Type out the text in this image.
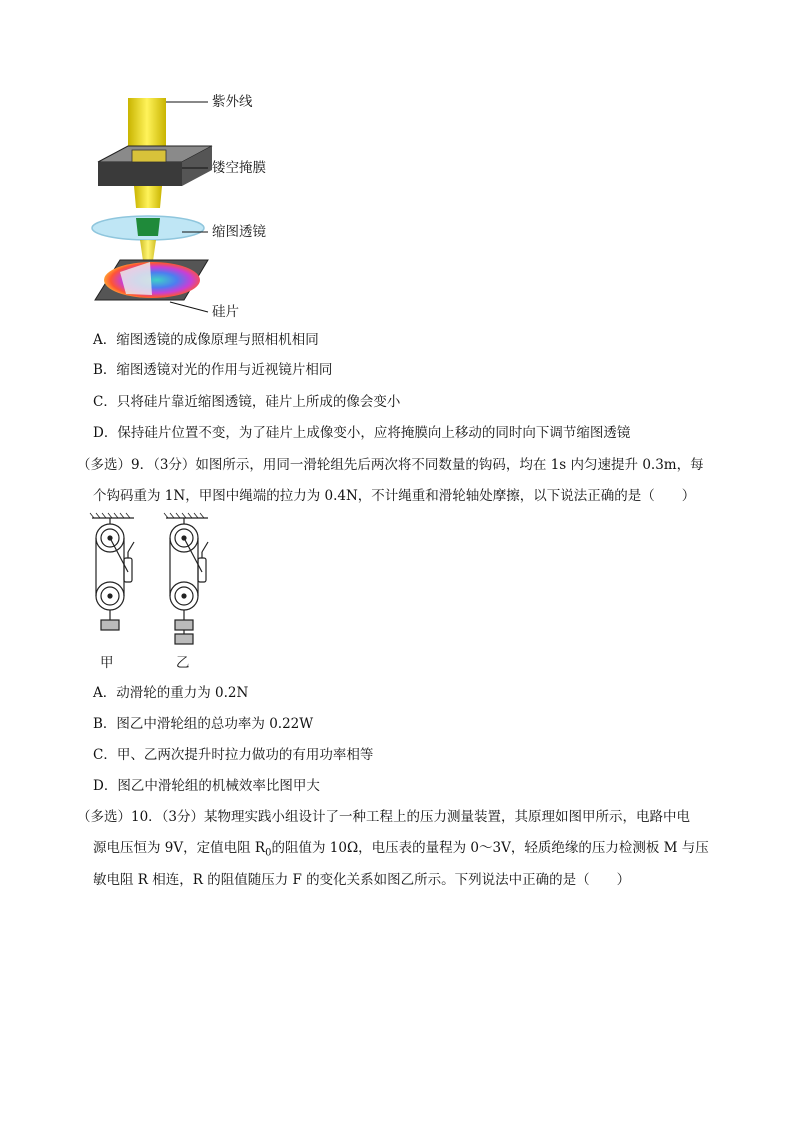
紫外线
镂空掩膜
缩图透镜
硅片
A．缩图透镜的成像原理与照相机相同
B．缩图透镜对光的作用与近视镜片相同
C．只将硅片靠近缩图透镜，硅片上所成的像会变小
D．保持硅片位置不变，为了硅片上成像变小，应将掩膜向上移动的同时向下调节缩图透镜
（多选）9．（3分）如图所示，用同一滑轮组先后两次将不同数量的钩码，均在 1s 内匀速提升 0.3m，每
个钩码重为 1N，甲图中绳端的拉力为 0.4N，不计绳重和滑轮轴处摩擦，以下说法正确的是（　　）
甲	乙
A．动滑轮的重力为 0.2N
B．图乙中滑轮组的总功率为 0.22W
C．甲、乙两次提升时拉力做功的有用功率相等
D．图乙中滑轮组的机械效率比图甲大
（多选）10．（3分）某物理实践小组设计了一种工程上的压力测量装置，其原理如图甲所示，电路中电
源电压恒为 9V，定值电阻 $R_0$的阻值为 10Ω，电压表的量程为 0～3V，轻质绝缘的压力检测板 M 与压
敏电阻 R 相连，R 的阻值随压力 F 的变化关系如图乙所示。下列说法中正确的是（　　）
